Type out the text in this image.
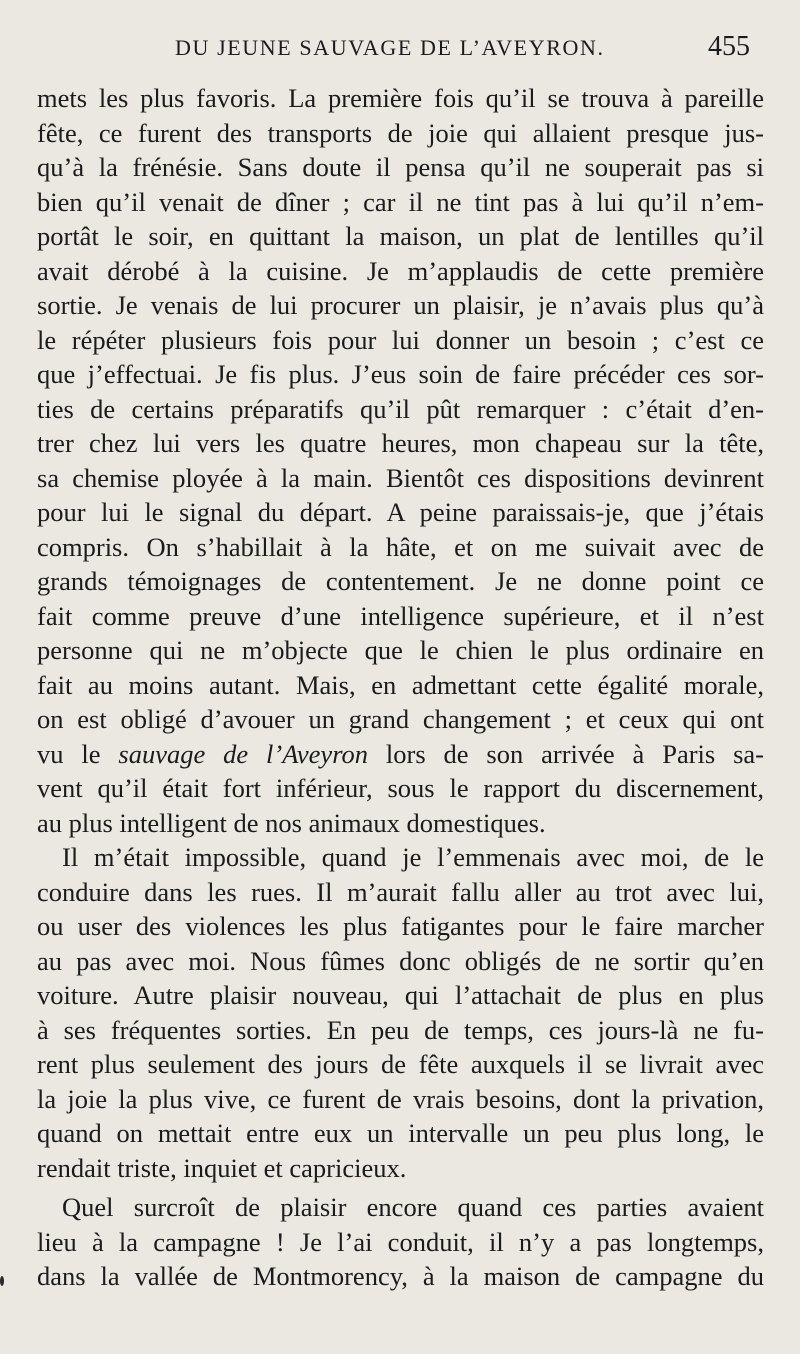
DU JEUNE SAUVAGE DE L’AVEYRON.	455
mets les plus favoris. La première fois qu’il se trouva à pareille
fête, ce furent des transports de joie qui allaient presque jus-
qu’à la frénésie. Sans doute il pensa qu’il ne souperait pas si
bien qu’il venait de dîner ; car il ne tint pas à lui qu’il n’em-
portât le soir, en quittant la maison, un plat de lentilles qu’il
avait dérobé à la cuisine. Je m’applaudis de cette première
sortie. Je venais de lui procurer un plaisir, je n’avais plus qu’à
le répéter plusieurs fois pour lui donner un besoin ; c’est ce
que j’effectuai. Je fis plus. J’eus soin de faire précéder ces sor-
ties de certains préparatifs qu’il pût remarquer : c’était d’en-
trer chez lui vers les quatre heures, mon chapeau sur la tête,
sa chemise ployée à la main. Bientôt ces dispositions devinrent
pour lui le signal du départ. A peine paraissais-je, que j’étais
compris. On s’habillait à la hâte, et on me suivait avec de
grands témoignages de contentement. Je ne donne point ce
fait comme preuve d’une intelligence supérieure, et il n’est
personne qui ne m’objecte que le chien le plus ordinaire en
fait au moins autant. Mais, en admettant cette égalité morale,
on est obligé d’avouer un grand changement ; et ceux qui ont
vu le sauvage de l’Aveyron lors de son arrivée à Paris sa-
vent qu’il était fort inférieur, sous le rapport du discernement,
au plus intelligent de nos animaux domestiques.
Il m’était impossible, quand je l’emmenais avec moi, de le
conduire dans les rues. Il m’aurait fallu aller au trot avec lui,
ou user des violences les plus fatigantes pour le faire marcher
au pas avec moi. Nous fûmes donc obligés de ne sortir qu’en
voiture. Autre plaisir nouveau, qui l’attachait de plus en plus
à ses fréquentes sorties. En peu de temps, ces jours-là ne fu-
rent plus seulement des jours de fête auxquels il se livrait avec
la joie la plus vive, ce furent de vrais besoins, dont la privation,
quand on mettait entre eux un intervalle un peu plus long, le
rendait triste, inquiet et capricieux.
Quel surcroît de plaisir encore quand ces parties avaient
lieu à la campagne ! Je l’ai conduit, il n’y a pas longtemps,
dans la vallée de Montmorency, à la maison de campagne du
